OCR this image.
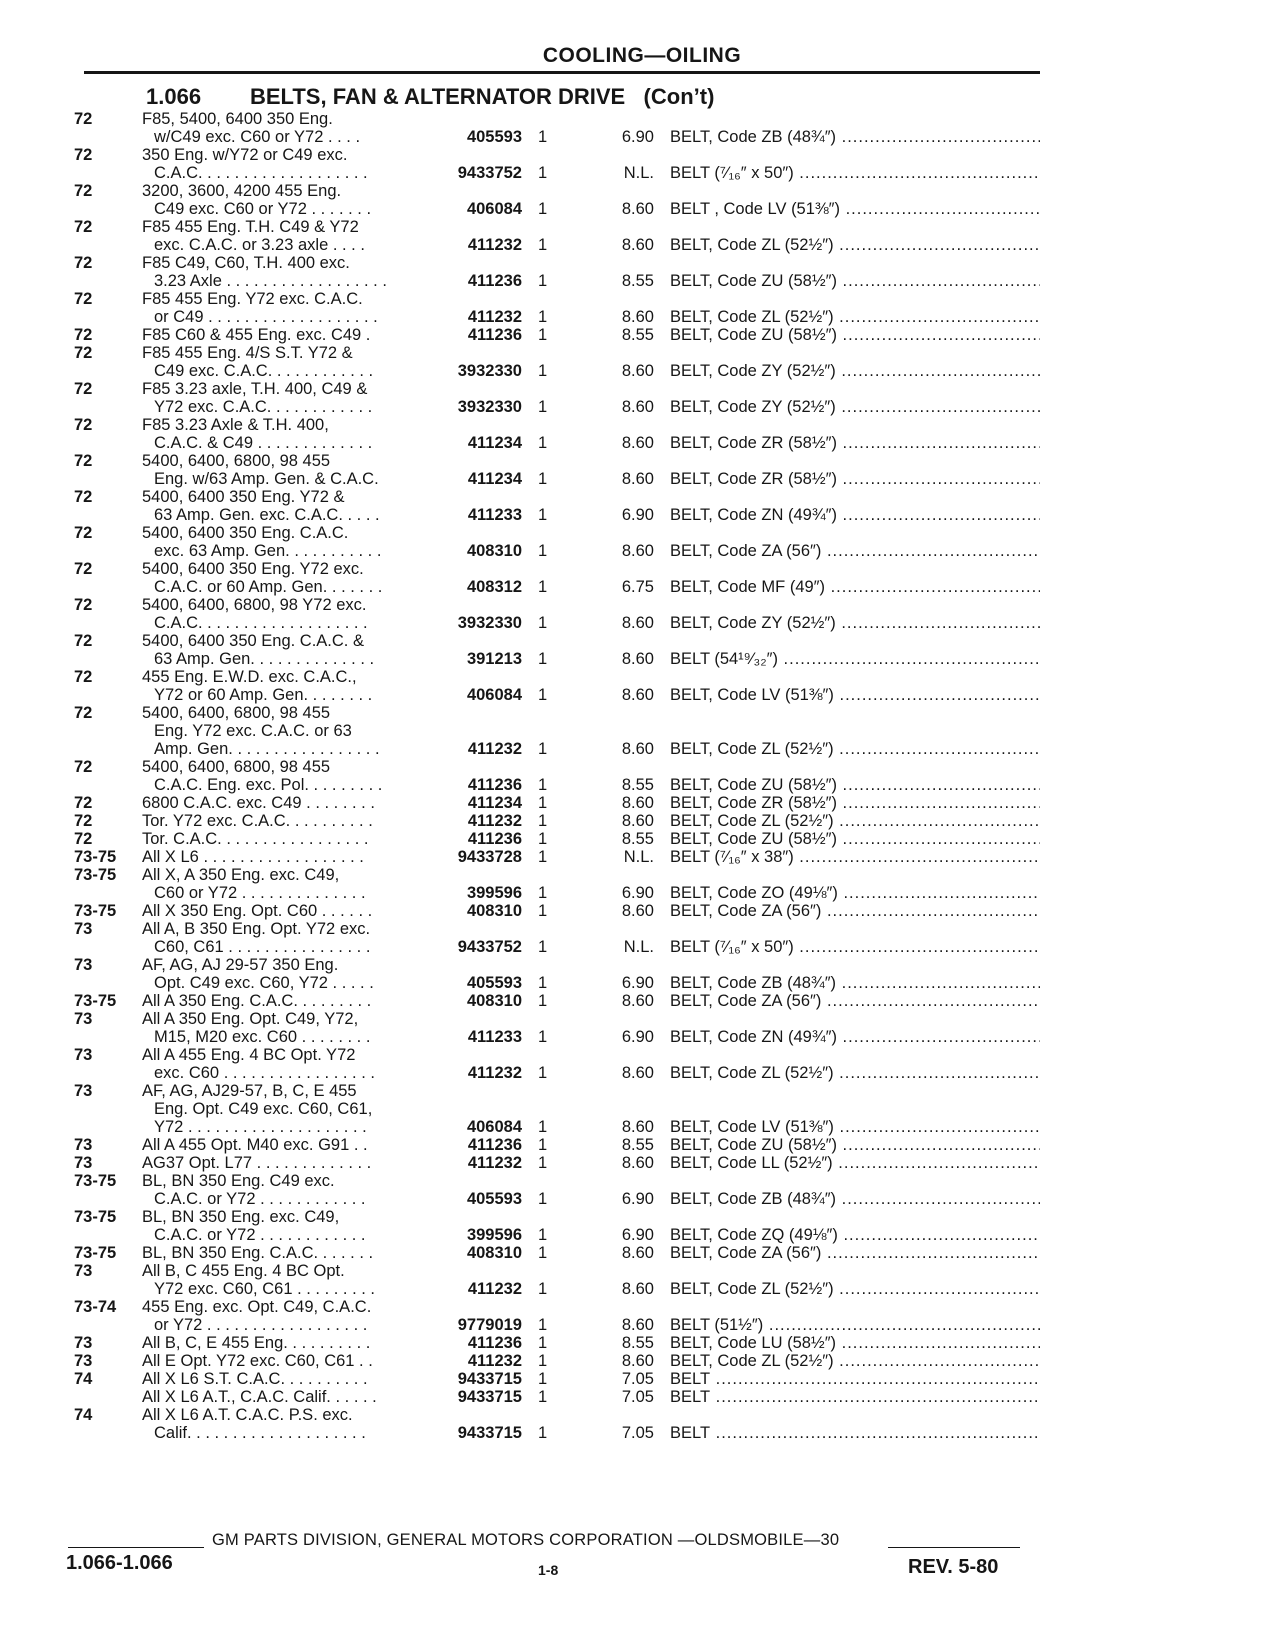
COOLING—OILING
1.066 BELTS, FAN & ALTERNATOR DRIVE   (Con’t)
72	F85, 5400, 6400 350 Eng.
w/C49 exc. C60 or Y72 . . . .	405593 1	6.90 BELT, Code ZB (48¾″) .....
72	350 Eng. w/Y72 or C49 exc.
C.A.C. . . . . . . . . . . . . . . . . . .	9433752 1	N.L. BELT (⁷⁄₁₆″ x 50″) .....
72	3200, 3600, 4200 455 Eng.
C49 exc. C60 or Y72 . . . . . . .	406084 1	8.60 BELT , Code LV (51⅜″) .....
72	F85 455 Eng. T.H. C49 & Y72
exc. C.A.C. or 3.23 axle . . . .	411232 1	8.60 BELT, Code ZL (52½″) .....
72	F85 C49, C60, T.H. 400 exc.
3.23 Axle . . . . . . . . . . . . . . . . . .	411236 1	8.55 BELT, Code ZU (58½″) .....
72	F85 455 Eng. Y72 exc. C.A.C.
or C49 . . . . . . . . . . . . . . . . . . .	411232 1	8.60 BELT, Code ZL (52½″) .....
72	F85 C60 & 455 Eng. exc. C49 .	411236 1	8.55 BELT, Code ZU (58½″) .....
72	F85 455 Eng. 4/S S.T. Y72 &
C49 exc. C.A.C. . . . . . . . . . . .	3932330 1	8.60 BELT, Code ZY (52½″) .....
72	F85 3.23 axle, T.H. 400, C49 &
Y72 exc. C.A.C. . . . . . . . . . . .	3932330 1	8.60 BELT, Code ZY (52½″) .....
72	F85 3.23 Axle & T.H. 400,
C.A.C. & C49 . . . . . . . . . . . . .	411234 1	8.60 BELT, Code ZR (58½″) .....
72	5400, 6400, 6800, 98 455
Eng. w/63 Amp. Gen. & C.A.C.	411234 1	8.60 BELT, Code ZR (58½″) .....
72	5400, 6400 350 Eng. Y72 &
63 Amp. Gen. exc. C.A.C. . . . .	411233 1	6.90 BELT, Code ZN (49¾″) .....
72	5400, 6400 350 Eng. C.A.C.
exc. 63 Amp. Gen. . . . . . . . . . .	408310 1	8.60 BELT, Code ZA (56″) .....
72	5400, 6400 350 Eng. Y72 exc.
C.A.C. or 60 Amp. Gen. . . . . . .	408312 1	6.75 BELT, Code MF (49″) .....
72	5400, 6400, 6800, 98 Y72 exc.
C.A.C. . . . . . . . . . . . . . . . . . .	3932330 1	8.60 BELT, Code ZY (52½″) .....
72	5400, 6400 350 Eng. C.A.C. &
63 Amp. Gen. . . . . . . . . . . . . .	391213 1	8.60 BELT (54¹⁹⁄₃₂″) .....
72	455 Eng. E.W.D. exc. C.A.C.,
Y72 or 60 Amp. Gen. . . . . . . .	406084 1	8.60 BELT, Code LV (51⅜″) .....
72	5400, 6400, 6800, 98 455
Eng. Y72 exc. C.A.C. or 63
Amp. Gen. . . . . . . . . . . . . . . . .	411232 1	8.60 BELT, Code ZL (52½″) .....
72	5400, 6400, 6800, 98 455
C.A.C. Eng. exc. Pol. . . . . . . . .	411236 1	8.55 BELT, Code ZU (58½″) .....
72	6800 C.A.C. exc. C49 . . . . . . . .	411234 1	8.60 BELT, Code ZR (58½″) .....
72	Tor. Y72 exc. C.A.C. . . . . . . . . .	411232 1	8.60 BELT, Code ZL (52½″) .....
72	Tor. C.A.C. . . . . . . . . . . . . . . . .	411236 1	8.55 BELT, Code ZU (58½″) .....
73-75	All X L6 . . . . . . . . . . . . . . . . . .	9433728 1	N.L. BELT (⁷⁄₁₆″ x 38″) .....
73-75	All X, A 350 Eng. exc. C49,
C60 or Y72 . . . . . . . . . . . . . .	399596 1	6.90 BELT, Code ZO (49⅛″) .....
73-75	All X 350 Eng. Opt. C60 . . . . . .	408310 1	8.60 BELT, Code ZA (56″) .....
73	All A, B 350 Eng. Opt. Y72 exc.
C60, C61 . . . . . . . . . . . . . . . .	9433752 1	N.L. BELT (⁷⁄₁₆″ x 50″) .....
73	AF, AG, AJ 29-57 350 Eng.
Opt. C49 exc. C60, Y72 . . . . .	405593 1	6.90 BELT, Code ZB (48¾″) .....
73-75	All A 350 Eng. C.A.C. . . . . . . . .	408310 1	8.60 BELT, Code ZA (56″) .....
73	All A 350 Eng. Opt. C49, Y72,
M15, M20 exc. C60 . . . . . . . .	411233 1	6.90 BELT, Code ZN (49¾″) .....
73	All A 455 Eng. 4 BC Opt. Y72
exc. C60 . . . . . . . . . . . . . . . . .	411232 1	8.60 BELT, Code ZL (52½″) .....
73	AF, AG, AJ29-57, B, C, E 455
Eng. Opt. C49 exc. C60, C61,
Y72 . . . . . . . . . . . . . . . . . . . .	406084 1	8.60 BELT, Code LV (51⅜″) .....
73	All A 455 Opt. M40 exc. G91 . .	411236 1	8.55 BELT, Code ZU (58½″) .....
73	AG37 Opt. L77 . . . . . . . . . . . . .	411232 1	8.60 BELT, Code LL (52½″) .....
73-75	BL, BN 350 Eng. C49 exc.
C.A.C. or Y72 . . . . . . . . . . . .	405593 1	6.90 BELT, Code ZB (48¾″) .....
73-75	BL, BN 350 Eng. exc. C49,
C.A.C. or Y72 . . . . . . . . . . . .	399596 1	6.90 BELT, Code ZQ (49⅛″) .....
73-75	BL, BN 350 Eng. C.A.C. . . . . . .	408310 1	8.60 BELT, Code ZA (56″) .....
73	All B, C 455 Eng. 4 BC Opt.
Y72 exc. C60, C61 . . . . . . . . .	411232 1	8.60 BELT, Code ZL (52½″) .....
73-74	455 Eng. exc. Opt. C49, C.A.C.
or Y72 . . . . . . . . . . . . . . . . . .	9779019 1	8.60 BELT (51½″) .....
73	All B, C, E 455 Eng. . . . . . . . . .	411236 1	8.55 BELT, Code LU (58½″) .....
73	All E Opt. Y72 exc. C60, C61 . .	411232 1	8.60 BELT, Code ZL (52½″) .....
74	All X L6 S.T. C.A.C. . . . . . . . . .	9433715 1	7.05 BELT .....
All X L6 A.T., C.A.C. Calif. . . . . .	9433715 1	7.05 BELT .....
74	All X L6 A.T. C.A.C. P.S. exc.
Calif. . . . . . . . . . . . . . . . . . . .	9433715 1	7.05 BELT .....
GM PARTS DIVISION, GENERAL MOTORS CORPORATION —OLDSMOBILE—30
1.066-1.066	1-8	REV. 5-80
